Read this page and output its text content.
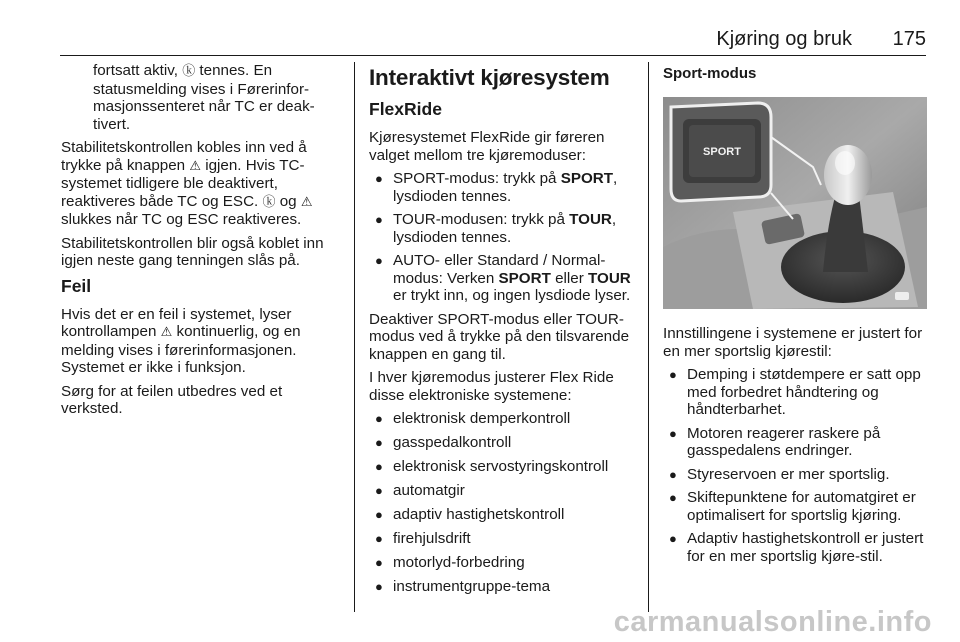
Kjøring og bruk 175

fortsatt aktiv, ⓚ tennes. En statusmelding vises i Førerinformasjonssenteret når TC er deaktivert.

Stabilitetskontrollen kobles inn ved å trykke på knappen ⚠ igjen. Hvis TC-systemet tidligere ble deaktivert, reaktiveres både TC og ESC. ⓚ og ⚠ slukkes når TC og ESC reaktiveres.

Stabilitetskontrollen blir også koblet inn igjen neste gang tenningen slås på.

Feil

Hvis det er en feil i systemet, lyser kontrollampen ⚠ kontinuerlig, og en melding vises i førerinformasjonen. Systemet er ikke i funksjon.

Sørg for at feilen utbedres ved et verksted.

Interaktivt kjøresystem
FlexRide

Kjøresystemet FlexRide gir føreren valget mellom tre kjøremoduser:

● SPORT-modus: trykk på SPORT, lysdioden tennes.
● TOUR-modusen: trykk på TOUR, lysdioden tennes.
● AUTO- eller Standard / Normal-modus: Verken SPORT eller TOUR er trykt inn, og ingen lysdiode lyser.

Deaktiver SPORT-modus eller TOUR-modus ved å trykke på den tilsvarende knappen en gang til.

I hver kjøremodus justerer Flex Ride disse elektroniske systemene:

● elektronisk demperkontroll
● gasspedalkontroll
● elektronisk servostyringskontroll
● automatgir
● adaptiv hastighetskontroll
● firehjulsdrift
● motorlyd-forbedring
● instrumentgruppe-tema
Sport-modus
SPORT

Innstillingene i systemene er justert for en mer sportslig kjørestil:

● Demping i støtdempere er satt opp med forbedret håndtering og håndterbarhet.
● Motoren reagerer raskere på gasspedalens endringer.
● Styreservoen er mer sportslig.
● Skiftepunktene for automatgiret er optimalisert for sportslig kjøring.
● Adaptiv hastighetskontroll er justert for en mer sportslig kjøre-stil.
carmanualsonline.info
